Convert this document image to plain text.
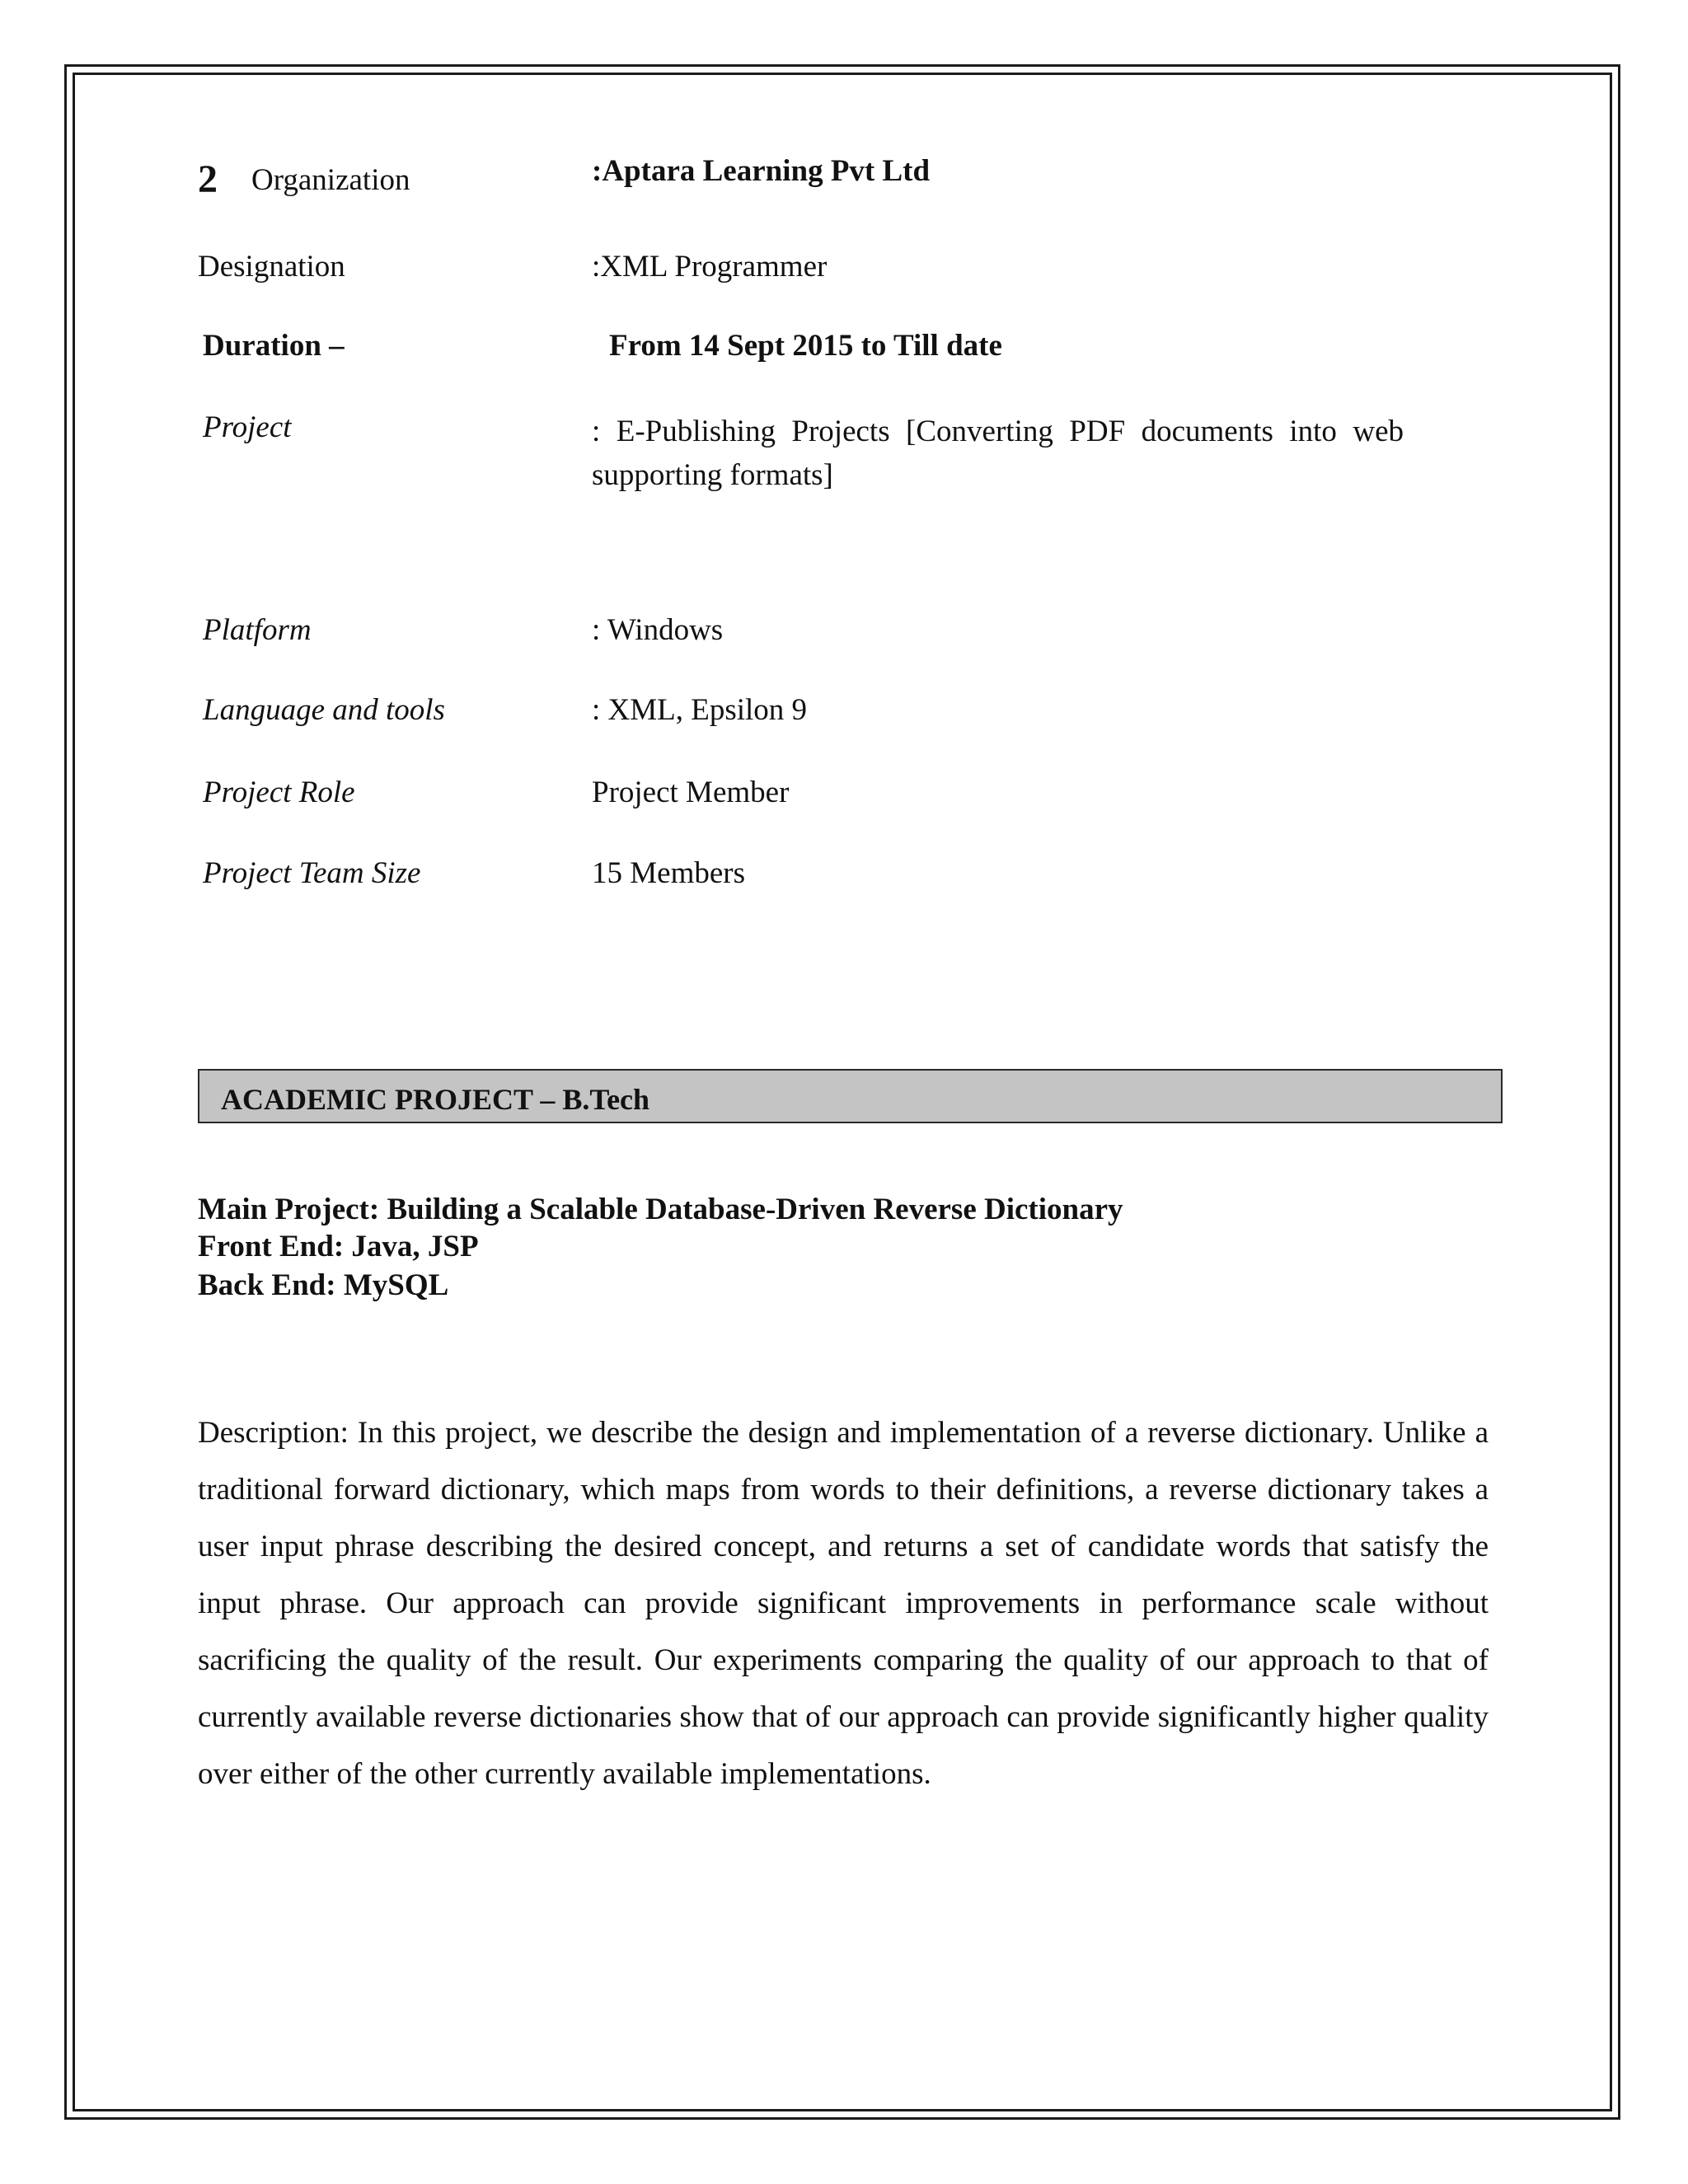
2 Organization	:Aptara Learning Pvt Ltd
Designation	:XML Programmer
Duration –	From 14 Sept 2015 to Till date
Project	: E-Publishing Projects [Converting PDF documents into web supporting formats]
Platform	: Windows
Language and tools	: XML, Epsilon 9
Project Role	Project Member
Project Team Size	15 Members
ACADEMIC PROJECT – B.Tech
Main Project: Building a Scalable Database-Driven Reverse Dictionary
Front End: Java, JSP
Back End: MySQL
Description: In this project, we describe the design and implementation of a reverse dictionary. Unlike a traditional forward dictionary, which maps from words to their definitions, a reverse dictionary takes a user input phrase describing the desired concept, and returns a set of candidate words that satisfy the input phrase. Our approach can provide significant improvements in performance scale without sacrificing the quality of the result. Our experiments comparing the quality of our approach to that of currently available reverse dictionaries show that of our approach can provide significantly higher quality over either of the other currently available implementations.
